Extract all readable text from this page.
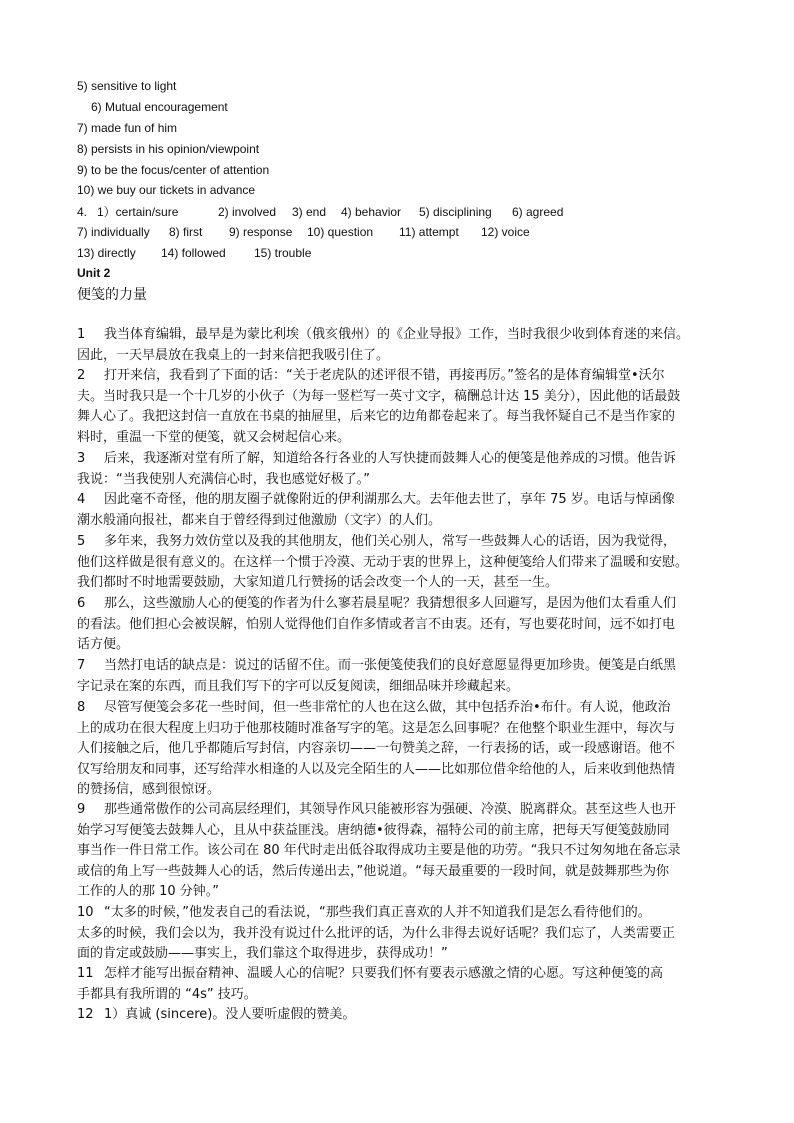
5) sensitive to light
6) Mutual encouragement
7) made fun of him
8) persists in his opinion/viewpoint
9) to be the focus/center of attention
10) we buy our tickets in advance
4.   1）certain/sure	2) involved 3) end 4) behavior 5) disciplining 6) agreed
7) individually 8) first 9) response 10) question 11) attempt 12) voice
13) directly 14) followed 15) trouble
Unit 2
便笺的力量
1 我当体育编辑，最早是为蒙比利埃（俄亥俄州）的《企业导报》工作，当时我很少收到体育迷的来信。
因此，一天早晨放在我桌上的一封来信把我吸引住了。
2 打开来信，我看到了下面的话：“关于老虎队的述评很不错，再接再厉。”签名的是体育编辑堂•沃尔
夫。当时我只是一个十几岁的小伙子（为每一竖栏写一英寸文字，稿酬总计达 15 美分），因此他的话最鼓
舞人心了。我把这封信一直放在书桌的抽屉里，后来它的边角都卷起来了。每当我怀疑自己不是当作家的
料时，重温一下堂的便笺，就又会树起信心来。
3 后来，我逐渐对堂有所了解，知道给各行各业的人写快捷而鼓舞人心的便笺是他养成的习惯。他告诉
我说：“当我使别人充满信心时，我也感觉好极了。”
4 因此毫不奇怪，他的朋友圈子就像附近的伊利湖那么大。去年他去世了，享年 75 岁。电话与悼函像
潮水般涌向报社，都来自于曾经得到过他激励（文字）的人们。
5 多年来，我努力效仿堂以及我的其他朋友，他们关心别人，常写一些鼓舞人心的话语，因为我觉得，
他们这样做是很有意义的。在这样一个惯于冷漠、无动于衷的世界上，这种便笺给人们带来了温暖和安慰。
我们都时不时地需要鼓励，大家知道几行赞扬的话会改变一个人的一天，甚至一生。
6 那么，这些激励人心的便笺的作者为什么寥若晨星呢？我猜想很多人回避写，是因为他们太看重人们
的看法。他们担心会被误解，怕别人觉得他们自作多情或者言不由衷。还有，写也要花时间，远不如打电
话方便。
7 当然打电话的缺点是：说过的话留不住。而一张便笺使我们的良好意愿显得更加珍贵。便笺是白纸黑
字记录在案的东西，而且我们写下的字可以反复阅读，细细品味并珍藏起来。
8 尽管写便笺会多花一些时间，但一些非常忙的人也在这么做，其中包括乔治•布什。有人说，他政治
上的成功在很大程度上归功于他那枝随时准备写字的笔。这是怎么回事呢？在他整个职业生涯中，每次与
人们接触之后，他几乎都随后写封信，内容亲切——一句赞美之辞，一行表扬的话，或一段感谢语。他不
仅写给朋友和同事，还写给萍水相逢的人以及完全陌生的人——比如那位借伞给他的人，后来收到他热情
的赞扬信，感到很惊讶。
9 那些通常傲作的公司高层经理们，其领导作风只能被形容为强硬、冷漠、脱离群众。甚至这些人也开
始学习写便笺去鼓舞人心，且从中获益匪浅。唐纳德•彼得森，福特公司的前主席，把每天写便笺鼓励同
事当作一件日常工作。该公司在 80 年代时走出低谷取得成功主要是他的功劳。“我只不过匆匆地在备忘录
或信的角上写一些鼓舞人心的话，然后传递出去，”他说道。“每天最重要的一段时间，就是鼓舞那些为你
工作的人的那 10 分钟。”
10 “太多的时候，”他发表自己的看法说，“那些我们真正喜欢的人并不知道我们是怎么看待他们的。
太多的时候，我们会以为，我并没有说过什么批评的话，为什么非得去说好话呢？我们忘了，人类需要正
面的肯定或鼓励——事实上，我们靠这个取得进步，获得成功！”
11 怎样才能写出振奋精神、温暖人心的信呢？只要我们怀有要表示感激之情的心愿。写这种便笺的高
手都具有我所谓的 “4s” 技巧。
12 1）真诚 (sincere)。没人要听虚假的赞美。
